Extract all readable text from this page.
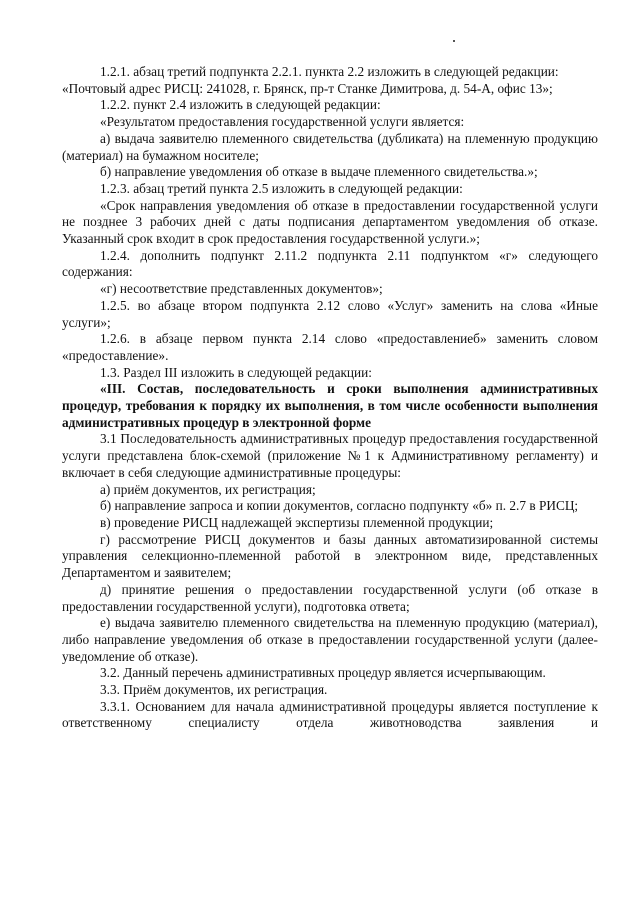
1.2.1. абзац третий подпункта 2.2.1. пункта 2.2 изложить в следующей редакции:

«Почтовый адрес РИСЦ: 241028, г. Брянск, пр-т Станке Димитрова, д. 54-А, офис 13»;

1.2.2. пункт 2.4 изложить в следующей редакции:

«Результатом предоставления государственной услуги является:

а) выдача заявителю племенного свидетельства (дубликата) на племенную продукцию (материал) на бумажном носителе;

б) направление уведомления об отказе в выдаче племенного свидетельства.»;

1.2.3. абзац третий пункта 2.5 изложить в следующей редакции:

«Срок направления уведомления об отказе в предоставлении государственной услуги не позднее 3 рабочих дней с даты подписания департаментом уведомления об отказе. Указанный срок входит в срок предоставления государственной услуги.»;

1.2.4. дополнить подпункт 2.11.2 подпункта 2.11 подпунктом «г» следующего содержания:

«г) несоответствие представленных документов»;

1.2.5. во абзаце втором подпункта 2.12 слово «Услуг» заменить на слова «Иные услуги»;

1.2.6. в абзаце первом пункта 2.14 слово «предоставлениеб» заменить словом «предоставление».

1.3. Раздел III изложить в следующей редакции:

«III. Состав, последовательность и сроки выполнения административных процедур, требования к порядку их выполнения, в том числе особенности выполнения административных процедур в электронной форме

3.1 Последовательность административных процедур предоставления государственной услуги представлена блок-схемой (приложение №1 к Административному регламенту) и включает в себя следующие административные процедуры:

а) приём документов, их регистрация;

б) направление запроса и копии документов, согласно подпункту «б» п. 2.7 в РИСЦ;

в) проведение РИСЦ надлежащей экспертизы племенной продукции;

г) рассмотрение РИСЦ документов и базы данных автоматизированной системы управления селекционно-племенной работой в электронном виде, представленных Департаментом и заявителем;

д) принятие решения о предоставлении государственной услуги (об отказе в предоставлении государственной услуги), подготовка ответа;

е) выдача заявителю племенного свидетельства на племенную продукцию (материал), либо направление уведомления об отказе в предоставлении государственной услуги (далее-уведомление об отказе).

3.2. Данный перечень административных процедур является исчерпывающим.

3.3. Приём документов, их регистрация.

3.3.1. Основанием для начала административной процедуры является поступление к ответственному специалисту отдела животноводства заявления и
